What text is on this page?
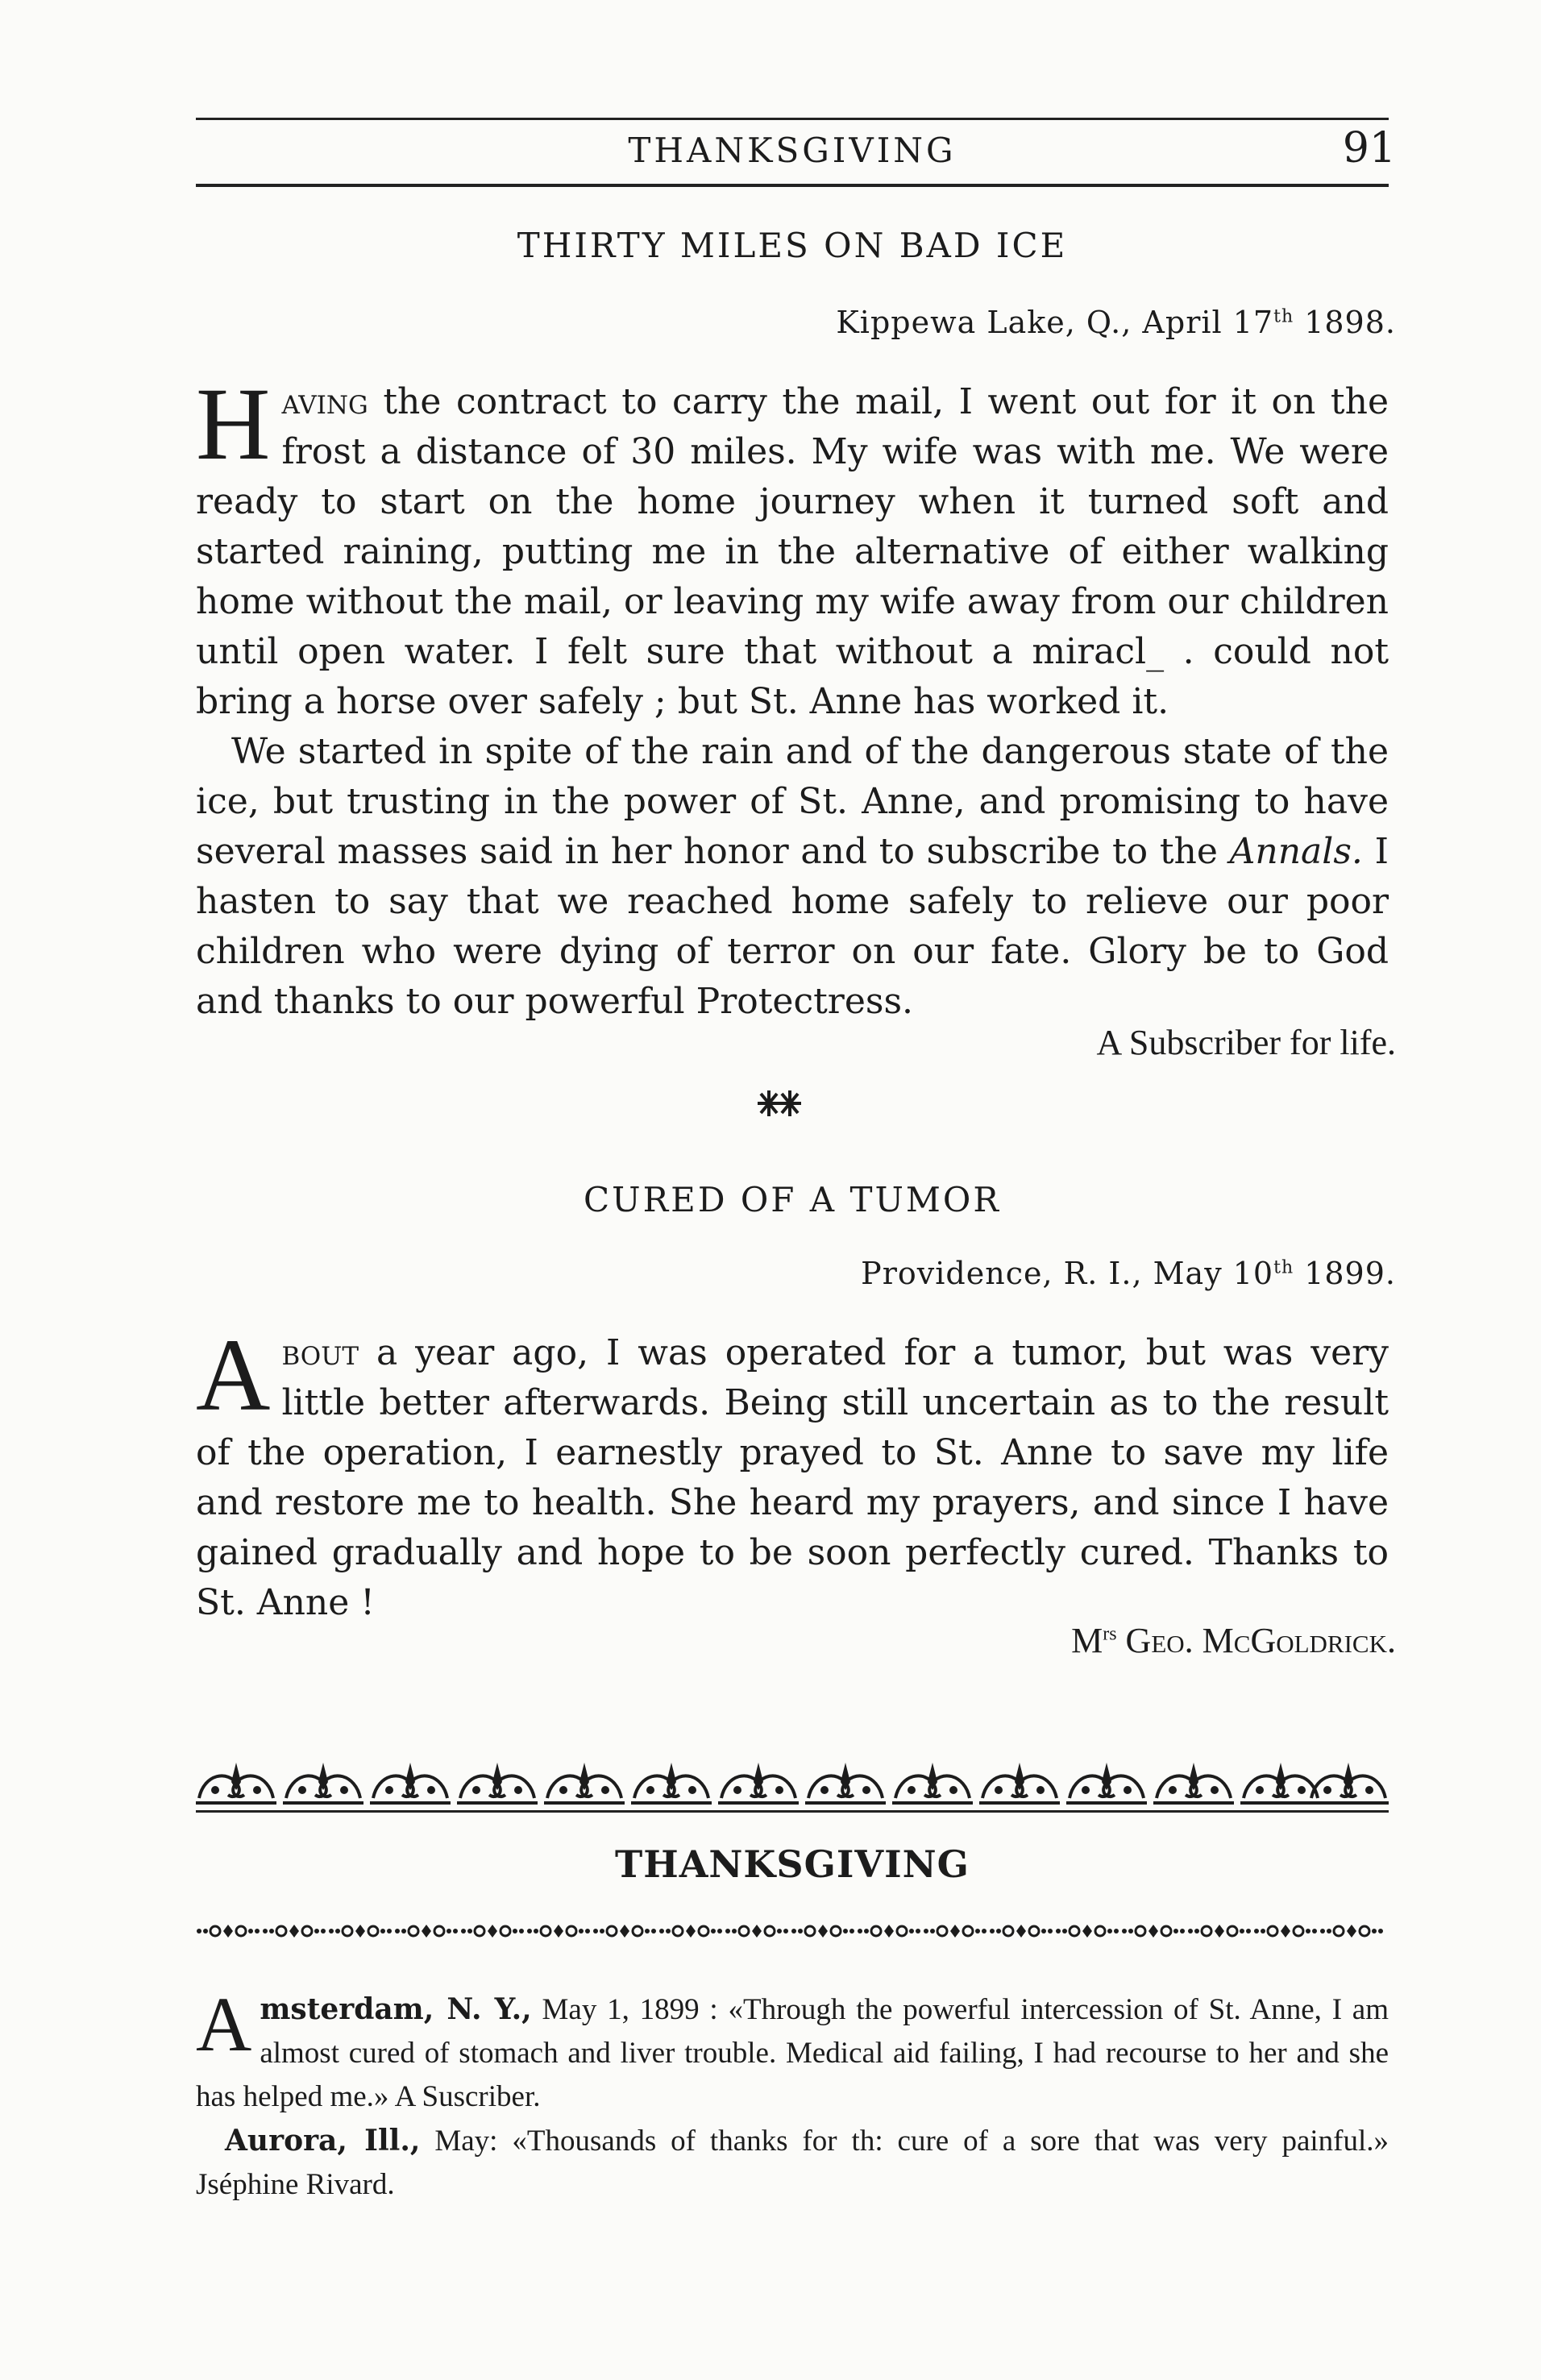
THANKSGIVING	91
THIRTY MILES ON BAD ICE
Kippewa Lake, Q., April 17th 1898.

Having the contract to carry the mail, I went out for it on the frost a distance of 30 miles. My wife was with me. We were ready to start on the home journey when it turned soft and started raining, putting me in the alternative of either walking home without the mail, or leaving my wife away from our children until open water. I felt sure that without a miracl_ . could not bring a horse over safely ; but St. Anne has worked it.

We started in spite of the rain and of the dangerous state of the ice, but trusting in the power of St. Anne, and promising to have several masses said in her honor and to subscribe to the Annals. I hasten to say that we reached home safely to relieve our poor children who were dying of terror on our fate. Glory be to God and thanks to our powerful Protectress.

A Subscriber for life.
CURED OF A TUMOR
Providence, R. I., May 10th 1899.

About a year ago, I was operated for a tumor, but was very little better afterwards. Being still uncertain as to the result of the operation, I earnestly prayed to St. Anne to save my life and restore me to health. She heard my prayers, and since I have gained gradually and hope to be soon perfectly cured. Thanks to St. Anne !

$M^{rs}$ Geo. McGoldrick.
THANKSGIVING

Amsterdam, N. Y., May 1, 1899 : «Through the powerful intercession of St. Anne, I am almost cured of stomach and liver trouble. Medical aid failing, I had recourse to her and she has helped me.» A Suscriber.

Aurora, Ill., May: «Thousands of thanks for th: cure of a sore that was very painful.» Jséphine Rivard.
